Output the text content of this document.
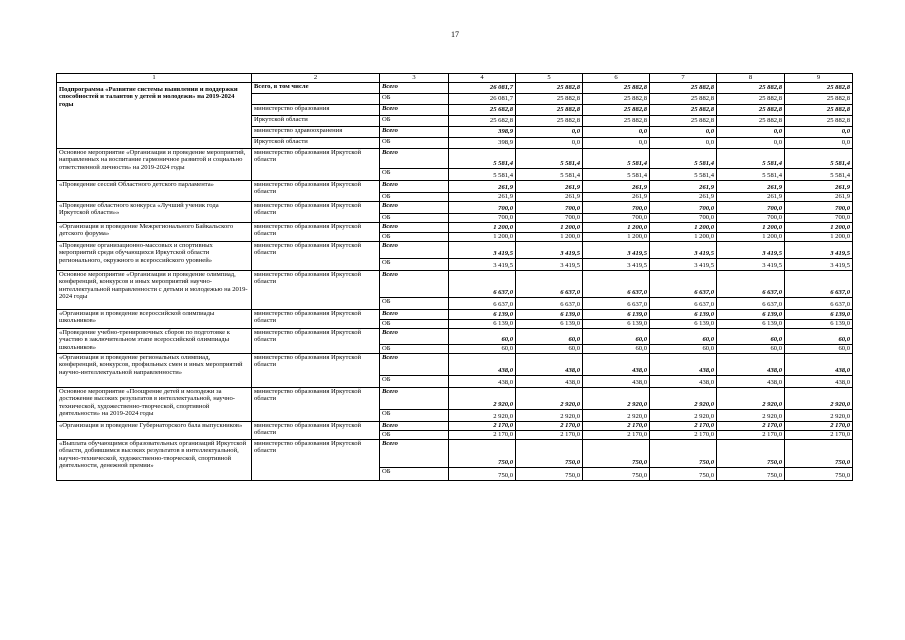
17
1	2	3	4	5	6	7	8	9
Подпрограмма «Развитие системы выявления и поддержки способностей и талантов у детей и молодежи» на 2019-2024 годы	Всего, в том числе	Всего	26 081,7	25 882,8	25 882,8	25 882,8	25 882,8	25 882,8
		ОБ	26 081,7	25 882,8	25 882,8	25 882,8	25 882,8	25 882,8
	министерство образования	Всего	25 682,8	25 882,8	25 882,8	25 882,8	25 882,8	25 882,8
	Иркутской области	ОБ	25 682,8	25 882,8	25 882,8	25 882,8	25 882,8	25 882,8
	министерство здравоохранения	Всего	398,9	0,0	0,0	0,0	0,0	0,0
	Иркутской области	ОБ	398,9	0,0	0,0	0,0	0,0	0,0
Основное мероприятие «Организация и проведение мероприятий, направленных на воспитание гармоничное развитой и социально ответственной личности» на 2019-2024 годы	министерство образования Иркутской области	Всего	5 581,4	5 581,4	5 581,4	5 581,4	5 581,4	5 581,4
		ОБ	5 581,4	5 581,4	5 581,4	5 581,4	5 581,4	5 581,4
«Проведение сессий Областного детского парламента»	министерство образования Иркутской области	Всего	261,9	261,9	261,9	261,9	261,9	261,9
		ОБ	261,9	261,9	261,9	261,9	261,9	261,9
«Проведение областного конкурса «Лучший ученик года Иркутской области»»	министерство образования Иркутской области	Всего	700,0	700,0	700,0	700,0	700,0	700,0
		ОБ	700,0	700,0	700,0	700,0	700,0	700,0
«Организация и проведение Межрегионального Байкальского детского форума»	министерство образования Иркутской области	Всего	1 200,0	1 200,0	1 200,0	1 200,0	1 200,0	1 200,0
		ОБ	1 200,0	1 200,0	1 200,0	1 200,0	1 200,0	1 200,0
«Проведение организационно-массовых и спортивных мероприятий среди обучающихся Иркутской области регионального, окружного и всероссийского уровней»	министерство образования Иркутской области	Всего	3 419,5	3 419,5	3 419,5	3 419,5	3 419,5	3 419,5
		ОБ	3 419,5	3 419,5	3 419,5	3 419,5	3 419,5	3 419,5
Основное мероприятие «Организация и проведение олимпиад, конференций, конкурсов и иных мероприятий научно-интеллектуальной направленности с детьми и молодежью на 2019-2024 годы	министерство образования Иркутской области	Всего	6 637,0	6 637,0	6 637,0	6 637,0	6 637,0	6 637,0
		ОБ	6 637,0	6 637,0	6 637,0	6 637,0	6 637,0	6 637,0
«Организация и проведение всероссийской олимпиады школьников»	министерство образования Иркутской области	Всего	6 139,0	6 139,0	6 139,0	6 139,0	6 139,0	6 139,0
		ОБ	6 139,0	6 139,0	6 139,0	6 139,0	6 139,0	6 139,0
«Проведение учебно-тренировочных сборов по подготовке к участию в заключительном этапе всероссийской олимпиады школьников»	министерство образования Иркутской области	Всего	60,0	60,0	60,0	60,0	60,0	60,0
		ОБ	60,0	60,0	60,0	60,0	60,0	60,0
«Организация и проведение региональных олимпиад, конференций, конкурсов, профильных смен и иных мероприятий научно-интеллектуальной направленности»	министерство образования Иркутской области	Всего	438,0	438,0	438,0	438,0	438,0	438,0
		ОБ	438,0	438,0	438,0	438,0	438,0	438,0
Основное мероприятие «Поощрение детей и молодежи за достижение высоких результатов в интеллектуальной, научно-технической, художественно-творческой, спортивной деятельности» на 2019-2024 годы	министерство образования Иркутской области	Всего	2 920,0	2 920,0	2 920,0	2 920,0	2 920,0	2 920,0
		ОБ	2 920,0	2 920,0	2 920,0	2 920,0	2 920,0	2 920,0
«Организация и проведение Губернаторского бала выпускников»	министерство образования Иркутской области	Всего	2 170,0	2 170,0	2 170,0	2 170,0	2 170,0	2 170,0
		ОБ	2 170,0	2 170,0	2 170,0	2 170,0	2 170,0	2 170,0
«Выплата обучающимся образовательных организаций Иркутской области, добившимся высоких результатов в интеллектуальной, научно-технической, художественно-творческой, спортивной деятельности, денежной премии»	министерство образования Иркутской области	Всего	750,0	750,0	750,0	750,0	750,0	750,0
		ОБ	750,0	750,0	750,0	750,0	750,0	750,0
